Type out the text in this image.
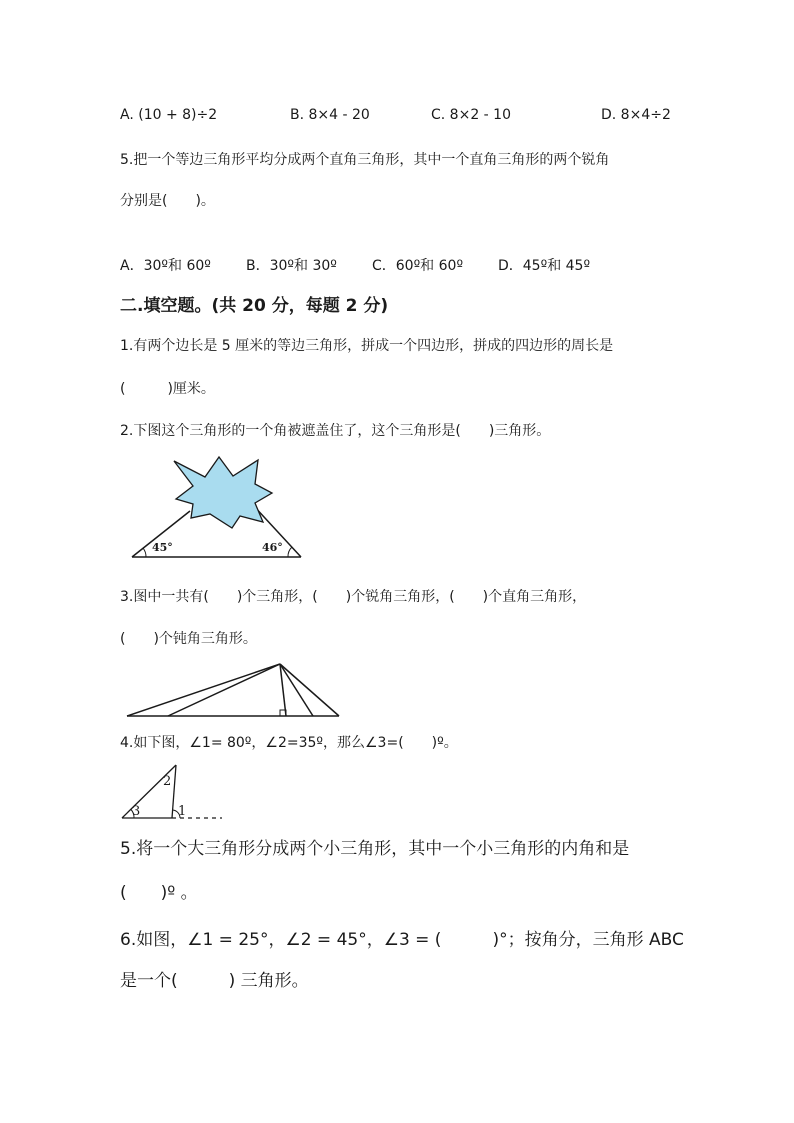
A. (10 + 8)÷2	B. 8×4 - 20	C. 8×2 - 10	D. 8×4÷2
5.把一个等边三角形平均分成两个直角三角形，其中一个直角三角形的两个锐角
分别是(　　)。
A．30º和 60º	B．30º和 30º	C．60º和 60º D．45º和 45º
二.填空题。(共 20 分，每题 2 分)
1.有两个边长是 5 厘米的等边三角形，拼成一个四边形，拼成的四边形的周长是
(　　　)厘米。
2.下图这个三角形的一个角被遮盖住了，这个三角形是(　　)三角形。
45°	46°
3.图中一共有(　　)个三角形，(　　)个锐角三角形，(　　)个直角三角形，
(　　)个钝角三角形。
4.如下图，∠1= 80º，∠2=35º，那么∠3=(　　)º。
2
3	1
5.将一个大三角形分成两个小三角形，其中一个小三角形的内角和是
(　　)º 。
6.如图，∠1 = 25°，∠2 = 45°，∠3 = (　　　)°；按角分，三角形 ABC
是一个(　　　) 三角形。
